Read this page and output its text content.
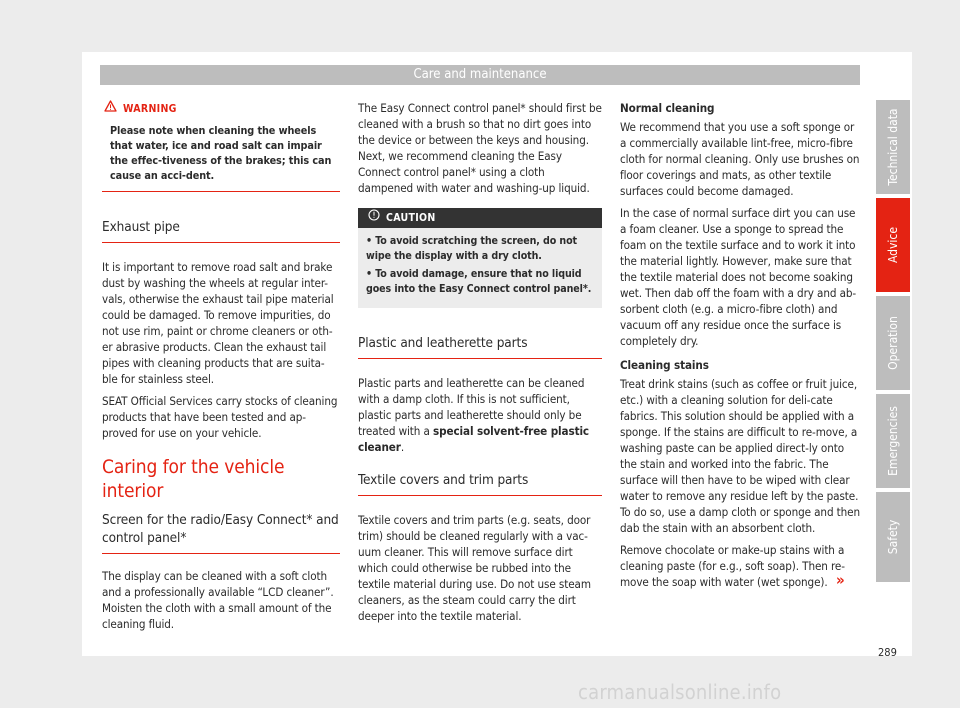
Care and maintenance
WARNING
Please note when cleaning the wheels that water, ice and road salt can impair the effec-tiveness of the brakes; this can cause an acci-dent.
Exhaust pipe

It is important to remove road salt and brake dust by washing the wheels at regular inter-vals, otherwise the exhaust tail pipe material could be damaged. To remove impurities, do not use rim, paint or chrome cleaners or oth-er abrasive products. Clean the exhaust tail pipes with cleaning products that are suita-ble for stainless steel.

SEAT Official Services carry stocks of cleaning products that have been tested and ap-proved for use on your vehicle.

Caring for the vehicle interior
Screen for the radio/Easy Connect* and control panel*

The display can be cleaned with a soft cloth and a professionally available “LCD cleaner”. Moisten the cloth with a small amount of the cleaning fluid.

The Easy Connect control panel* should first be cleaned with a brush so that no dirt goes into the device or between the keys and housing. Next, we recommend cleaning the Easy Connect control panel* using a cloth dampened with water and washing-up liquid.

CAUTION
• To avoid scratching the screen, do not wipe the display with a dry cloth.
• To avoid damage, ensure that no liquid goes into the Easy Connect control panel*.
Plastic and leatherette parts

Plastic parts and leatherette can be cleaned with a damp cloth. If this is not sufficient, plastic parts and leatherette should only be treated with a special solvent-free plastic cleaner.

Textile covers and trim parts

Textile covers and trim parts (e.g. seats, door trim) should be cleaned regularly with a vac-uum cleaner. This will remove surface dirt which could otherwise be rubbed into the textile material during use. Do not use steam cleaners, as the steam could carry the dirt deeper into the textile material.

Normal cleaning

We recommend that you use a soft sponge or a commercially available lint-free, micro-fibre cloth for normal cleaning. Only use brushes on floor coverings and mats, as other textile surfaces could become damaged.

In the case of normal surface dirt you can use a foam cleaner. Use a sponge to spread the foam on the textile surface and to work it into the material lightly. However, make sure that the textile material does not become soaking wet. Then dab off the foam with a dry and ab-sorbent cloth (e.g. a micro-fibre cloth) and vacuum off any residue once the surface is completely dry.

Cleaning stains

Treat drink stains (such as coffee or fruit juice, etc.) with a cleaning solution for deli-cate fabrics. This solution should be applied with a sponge. If the stains are difficult to re-move, a washing paste can be applied direct-ly onto the stain and worked into the fabric. The surface will then have to be wiped with clear water to remove any residue left by the paste. To do so, use a damp cloth or sponge and then dab the stain with an absorbent cloth.

Remove chocolate or make-up stains with a cleaning paste (for e.g., soft soap). Then re-move the soap with water (wet sponge). »
Technical data
Advice
Operation
Emergencies
Safety
289
carmanualsonline.info
